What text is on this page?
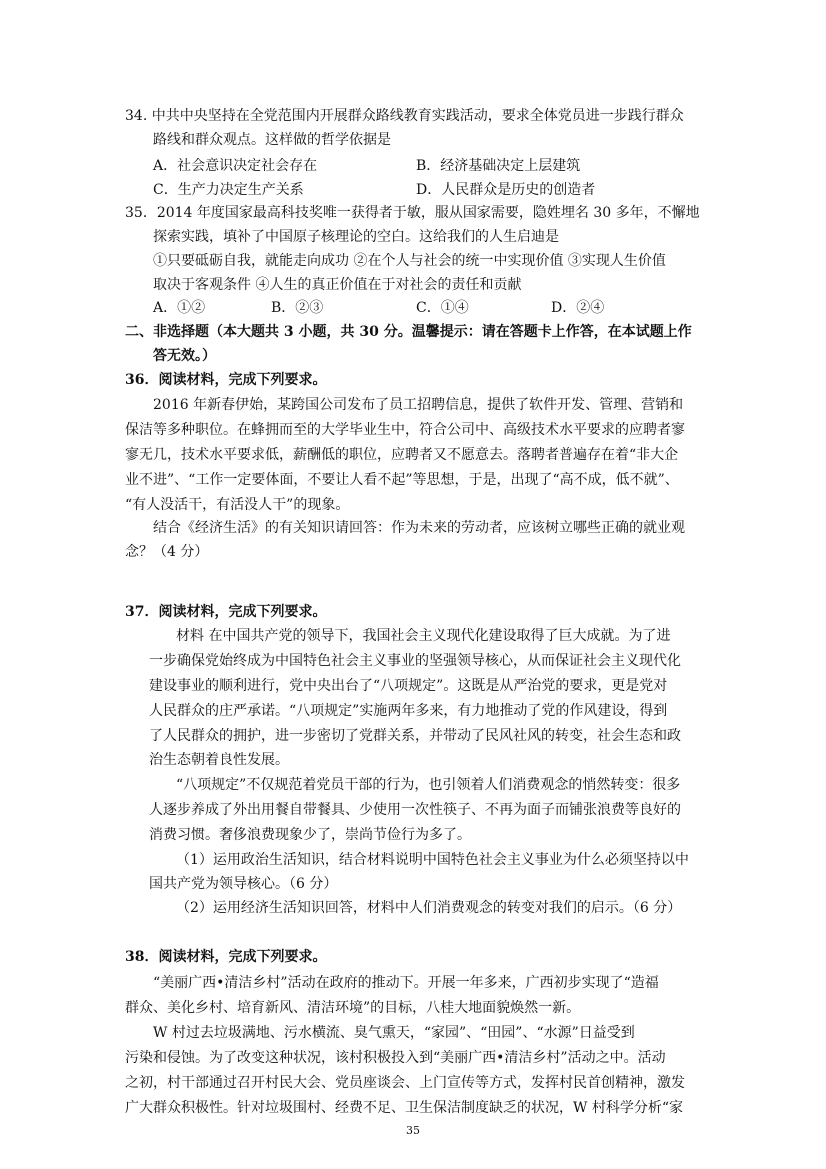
34. 中共中央坚持在全党范围内开展群众路线教育实践活动，要求全体党员进一步践行群众
路线和群众观点。这样做的哲学依据是
A．社会意识决定社会存在	B．经济基础决定上层建筑
C．生产力决定生产关系	D．人民群众是历史的创造者
35．2014 年度国家最高科技奖唯一获得者于敏，服从国家需要，隐姓埋名 30 多年，不懈地
探索实践，填补了中国原子核理论的空白。这给我们的人生启迪是
①只要砥砺自我，就能走向成功 ②在个人与社会的统一中实现价值 ③实现人生价值
取决于客观条件 ④人生的真正价值在于对社会的责任和贡献
A．①②	B．②③	C．①④	D．②④
二、非选择题（本大题共 3 小题，共 30 分。温馨提示：请在答题卡上作答，在本试题上作
答无效。）
36．阅读材料，完成下列要求。
2016 年新春伊始，某跨国公司发布了员工招聘信息，提供了软件开发、管理、营销和
保洁等多种职位。在蜂拥而至的大学毕业生中，符合公司中、高级技术水平要求的应聘者寥
寥无几，技术水平要求低，薪酬低的职位，应聘者又不愿意去。落聘者普遍存在着“非大企
业不进”、“工作一定要体面，不要让人看不起”等思想，于是，出现了“高不成，低不就”、
“有人没活干，有活没人干”的现象。
结合《经济生活》的有关知识请回答：作为未来的劳动者，应该树立哪些正确的就业观
念？（4 分）
37．阅读材料，完成下列要求。
材料 在中国共产党的领导下，我国社会主义现代化建设取得了巨大成就。为了进
一步确保党始终成为中国特色社会主义事业的坚强领导核心，从而保证社会主义现代化
建设事业的顺利进行，党中央出台了“八项规定”。这既是从严治党的要求，更是党对
人民群众的庄严承诺。“八项规定”实施两年多来，有力地推动了党的作风建设，得到
了人民群众的拥护，进一步密切了党群关系，并带动了民风社风的转变，社会生态和政
治生态朝着良性发展。
“八项规定”不仅规范着党员干部的行为，也引领着人们消费观念的悄然转变：很多
人逐步养成了外出用餐自带餐具、少使用一次性筷子、不再为面子而铺张浪费等良好的
消费习惯。奢侈浪费现象少了，崇尚节俭行为多了。
（1）运用政治生活知识，结合材料说明中国特色社会主义事业为什么必须坚持以中
国共产党为领导核心。（6 分）
（2）运用经济生活知识回答，材料中人们消费观念的转变对我们的启示。（6 分）
38．阅读材料，完成下列要求。
“美丽广西•清洁乡村”活动在政府的推动下。开展一年多来，广西初步实现了“造福
群众、美化乡村、培育新风、清洁环境”的目标，八桂大地面貌焕然一新。
W 村过去垃圾满地、污水横流、臭气熏天，“家园”、“田园”、“水源”日益受到
污染和侵蚀。为了改变这种状况，该村积极投入到“美丽广西•清洁乡村”活动之中。活动
之初，村干部通过召开村民大会、党员座谈会、上门宣传等方式，发挥村民首创精神，激发
广大群众积极性。针对垃圾围村、经费不足、卫生保洁制度缺乏的状况，W 村科学分析“家
35
